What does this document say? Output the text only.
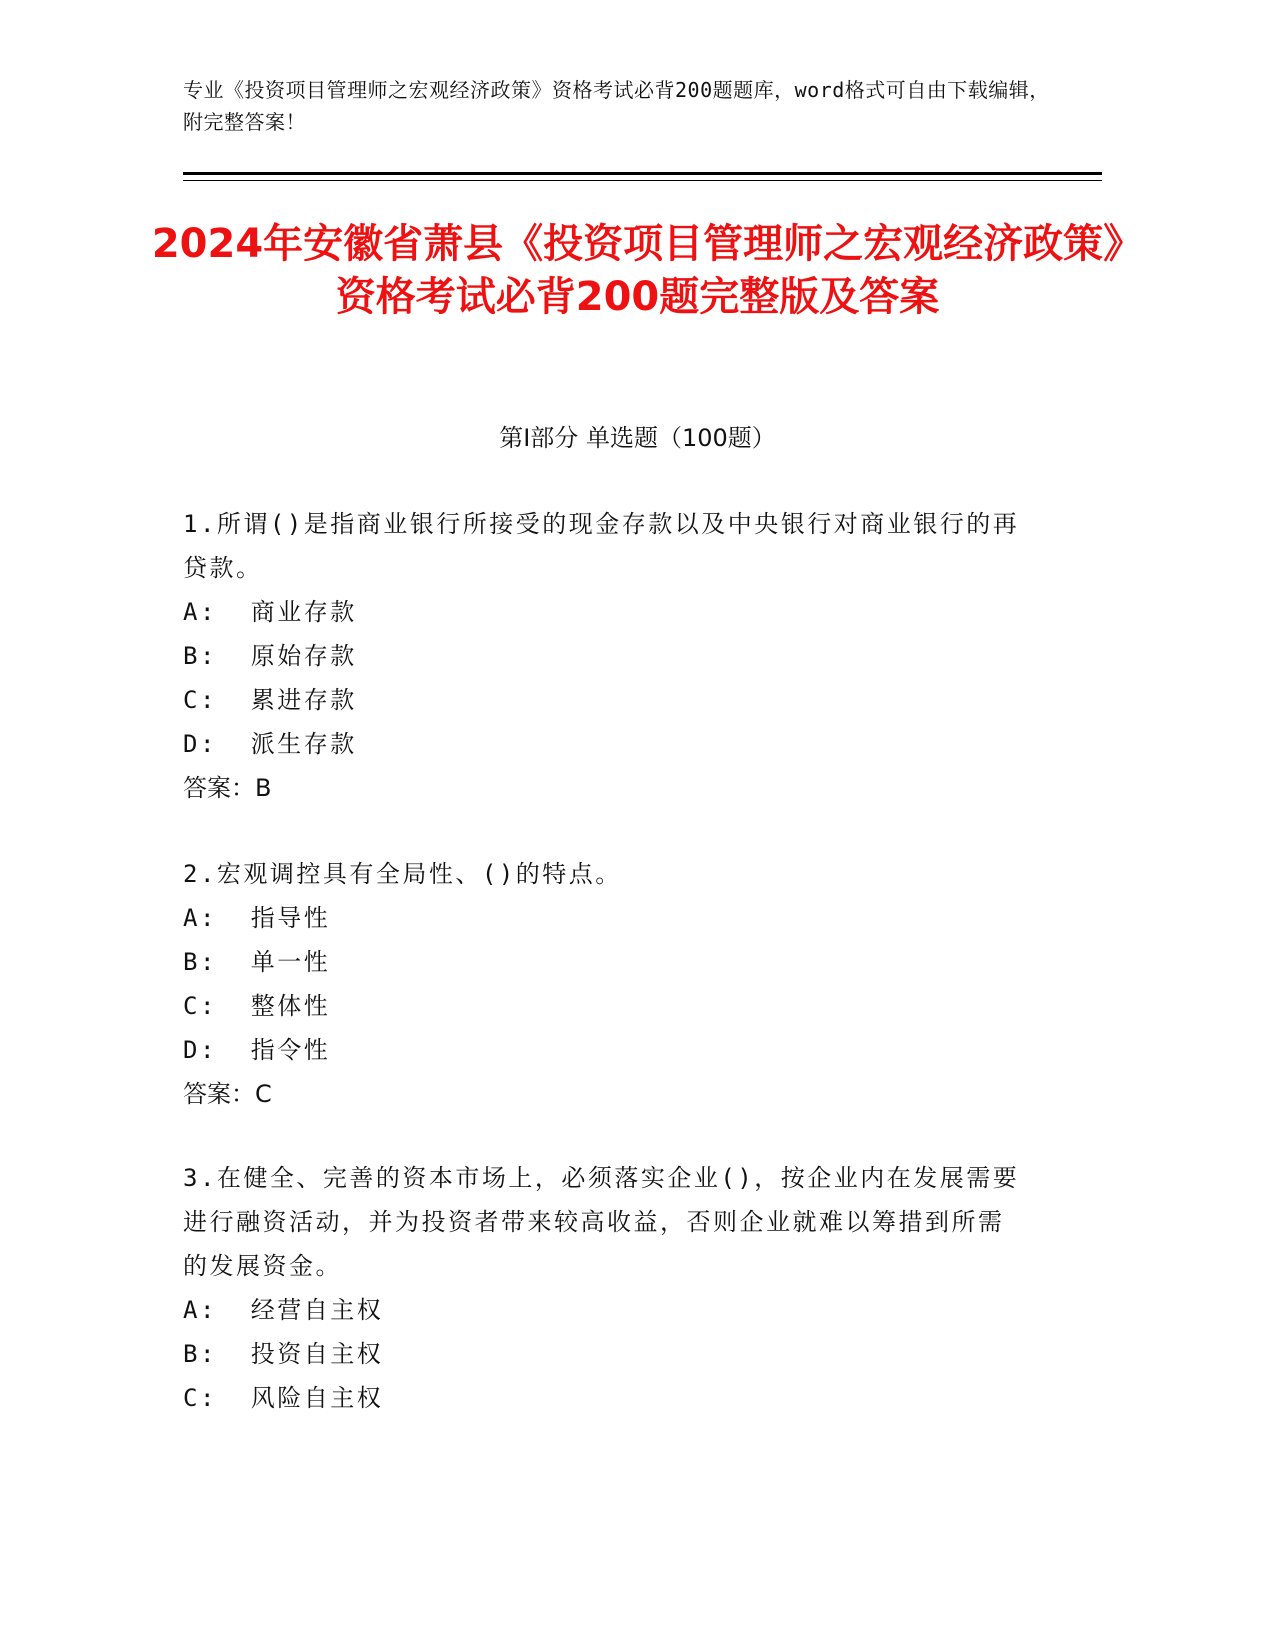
专业《投资项目管理师之宏观经济政策》资格考试必背200题题库，word格式可自由下载编辑，附完整答案！
2024年安徽省萧县《投资项目管理师之宏观经济政策》资格考试必背200题完整版及答案
第Ⅰ部分 单选题（100题）
1.所谓()是指商业银行所接受的现金存款以及中央银行对商业银行的再贷款。
A:  商业存款
B:  原始存款
C:  累进存款
D:  派生存款
答案：B
2.宏观调控具有全局性、()的特点。
A:  指导性
B:  单一性
C:  整体性
D:  指令性
答案：C
3.在健全、完善的资本市场上，必须落实企业()，按企业内在发展需要进行融资活动，并为投资者带来较高收益，否则企业就难以筹措到所需的发展资金。
A:  经营自主权
B:  投资自主权
C:  风险自主权
